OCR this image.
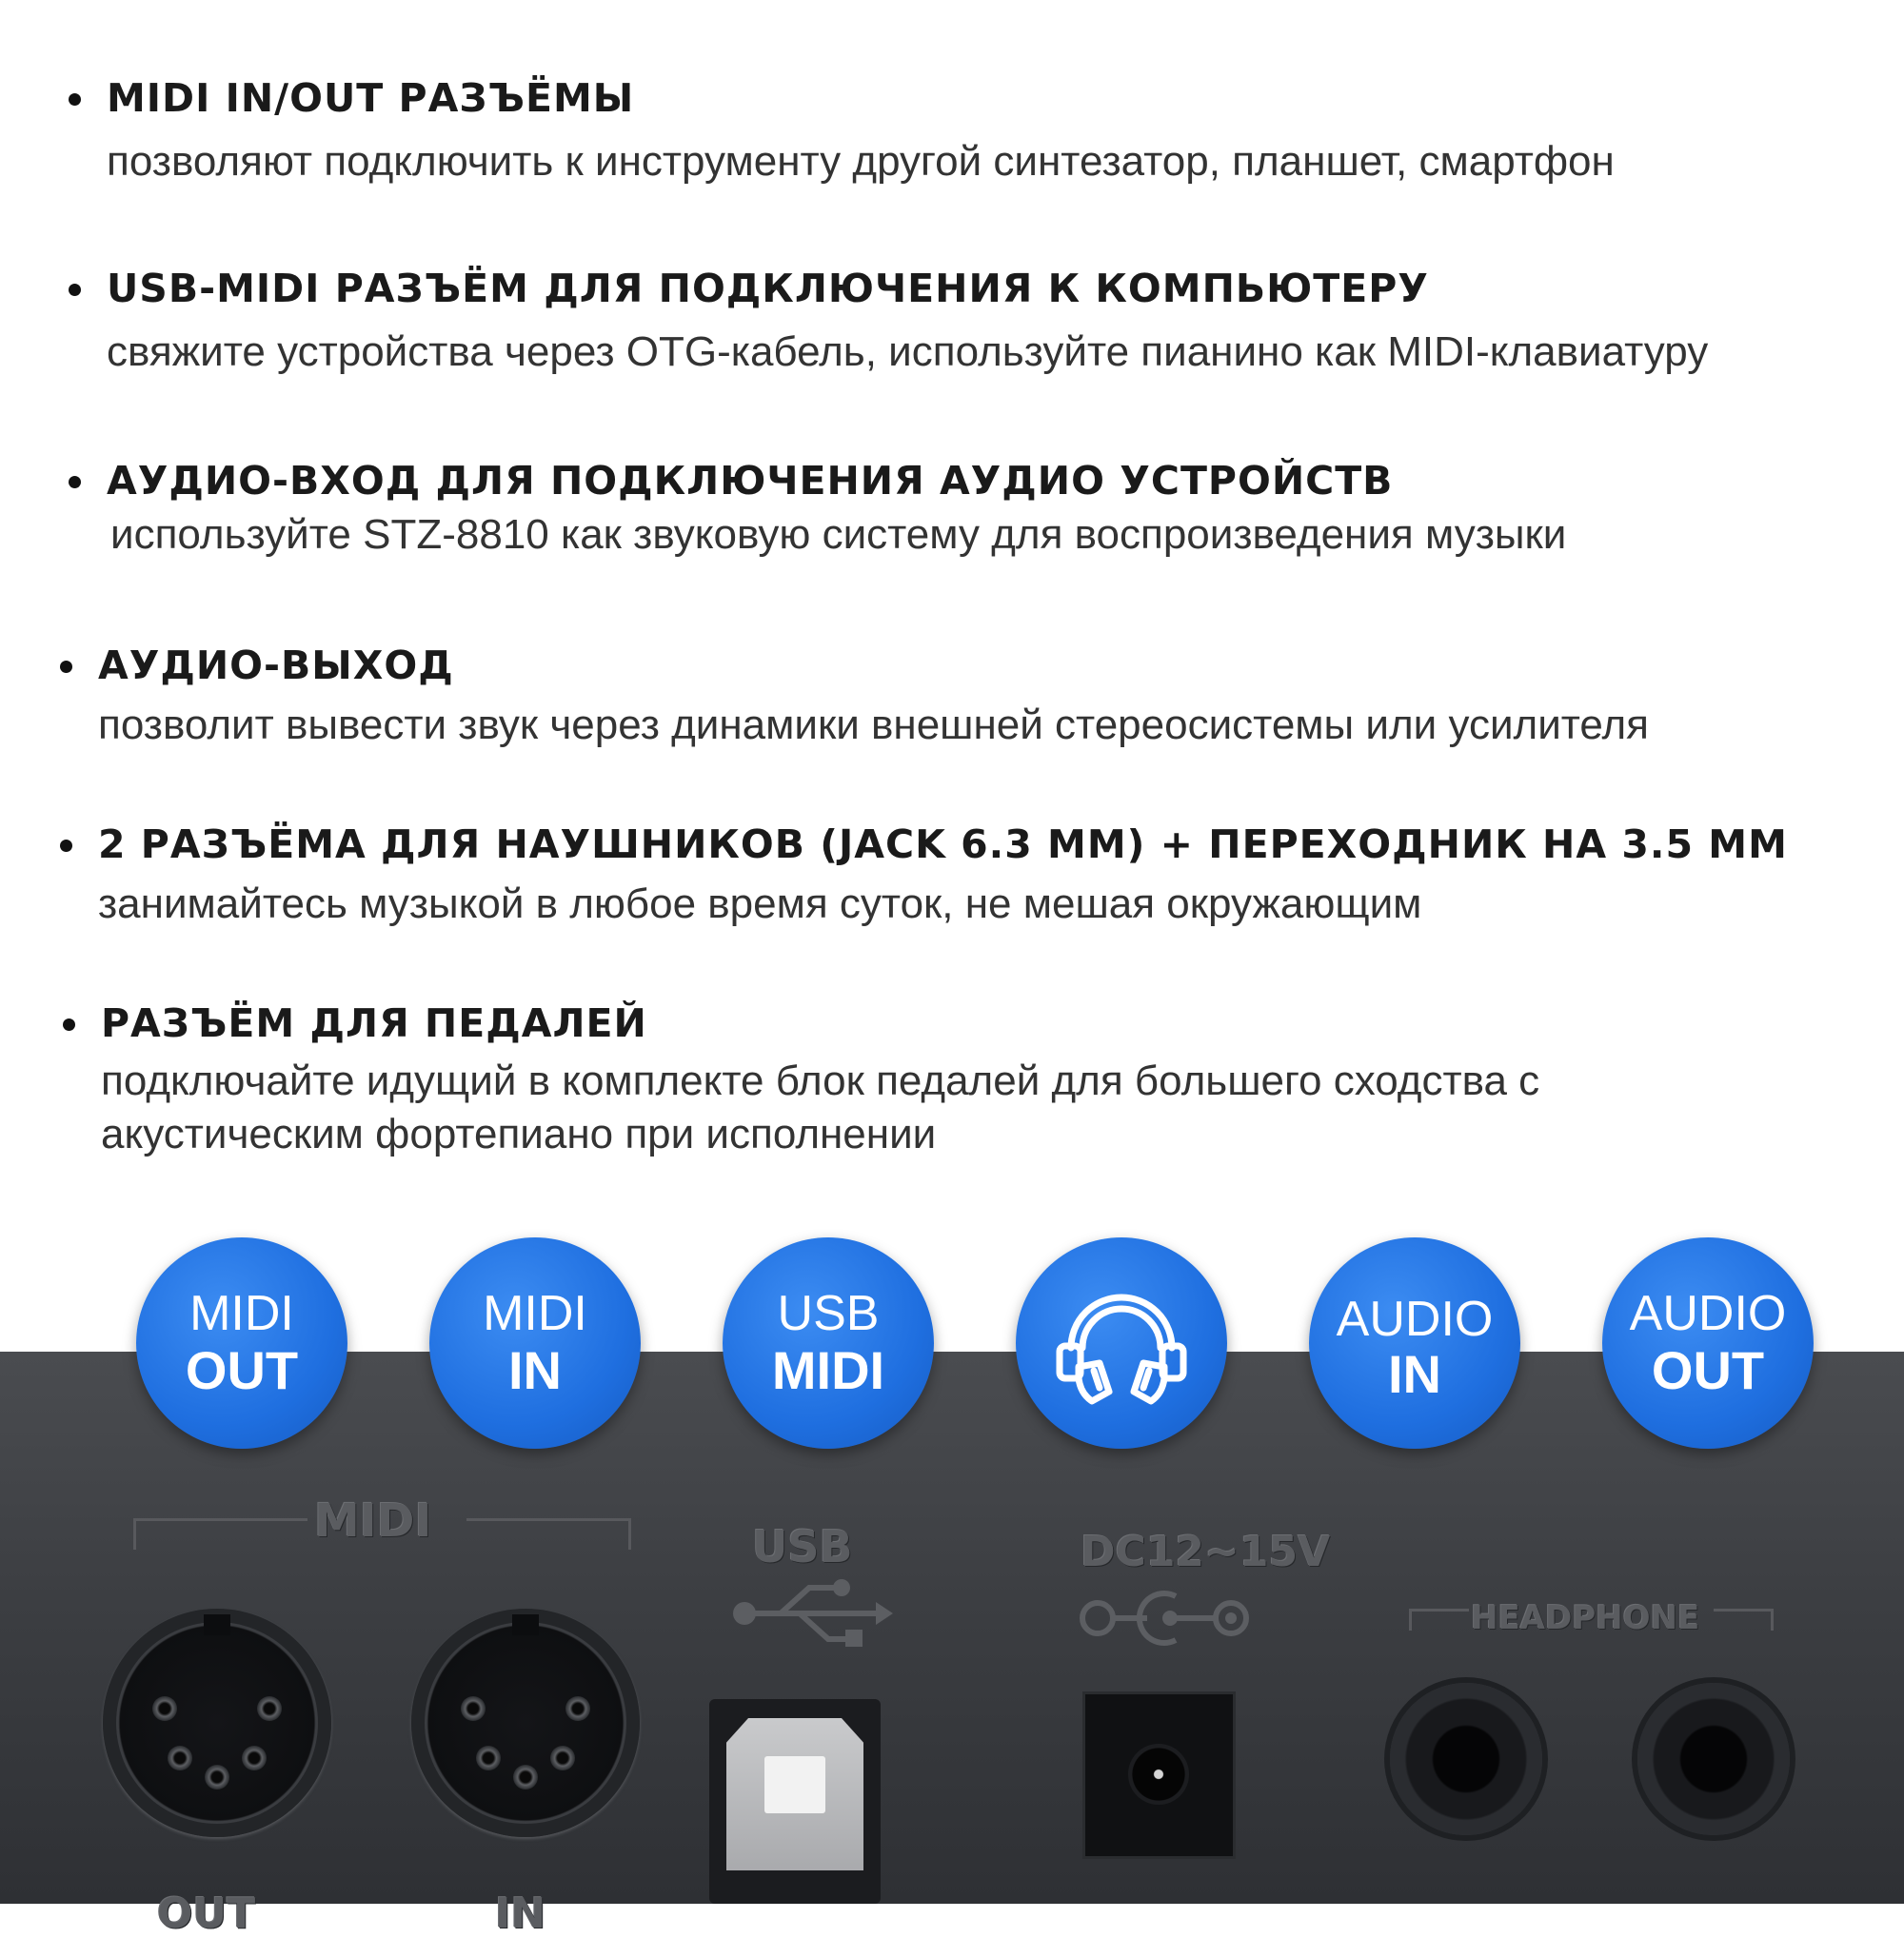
MIDI IN/OUT РАЗЪЁМЫ
позволяют подключить к инструменту другой синтезатор, планшет, смартфон
USB-MIDI РАЗЪЁМ ДЛЯ ПОДКЛЮЧЕНИЯ К КОМПЬЮТЕРУ
свяжите устройства через OTG-кабель, используйте пианино как MIDI-клавиатуру
АУДИО-ВХОД ДЛЯ ПОДКЛЮЧЕНИЯ АУДИО УСТРОЙСТВ
используйте STZ-8810 как звуковую систему для воспроизведения музыки
АУДИО-ВЫХОД
позволит вывести звук через динамики внешней стереосистемы или усилителя
2 РАЗЪЁМА ДЛЯ НАУШНИКОВ (JACK 6.3 ММ) + ПЕРЕХОДНИК НА 3.5 ММ
занимайтесь музыкой в любое время суток, не мешая окружающим
РАЗЪЁМ ДЛЯ ПЕДАЛЕЙ
подключайте идущий в комплекте блок педалей для большего сходства с акустическим фортепиано при исполнении
MIDI	USB	DC12~15V
HEADPHONE
OUT	IN
MIDI
OUT
MIDI
IN
USB
MIDI
AUDIO
IN
AUDIO
OUT
